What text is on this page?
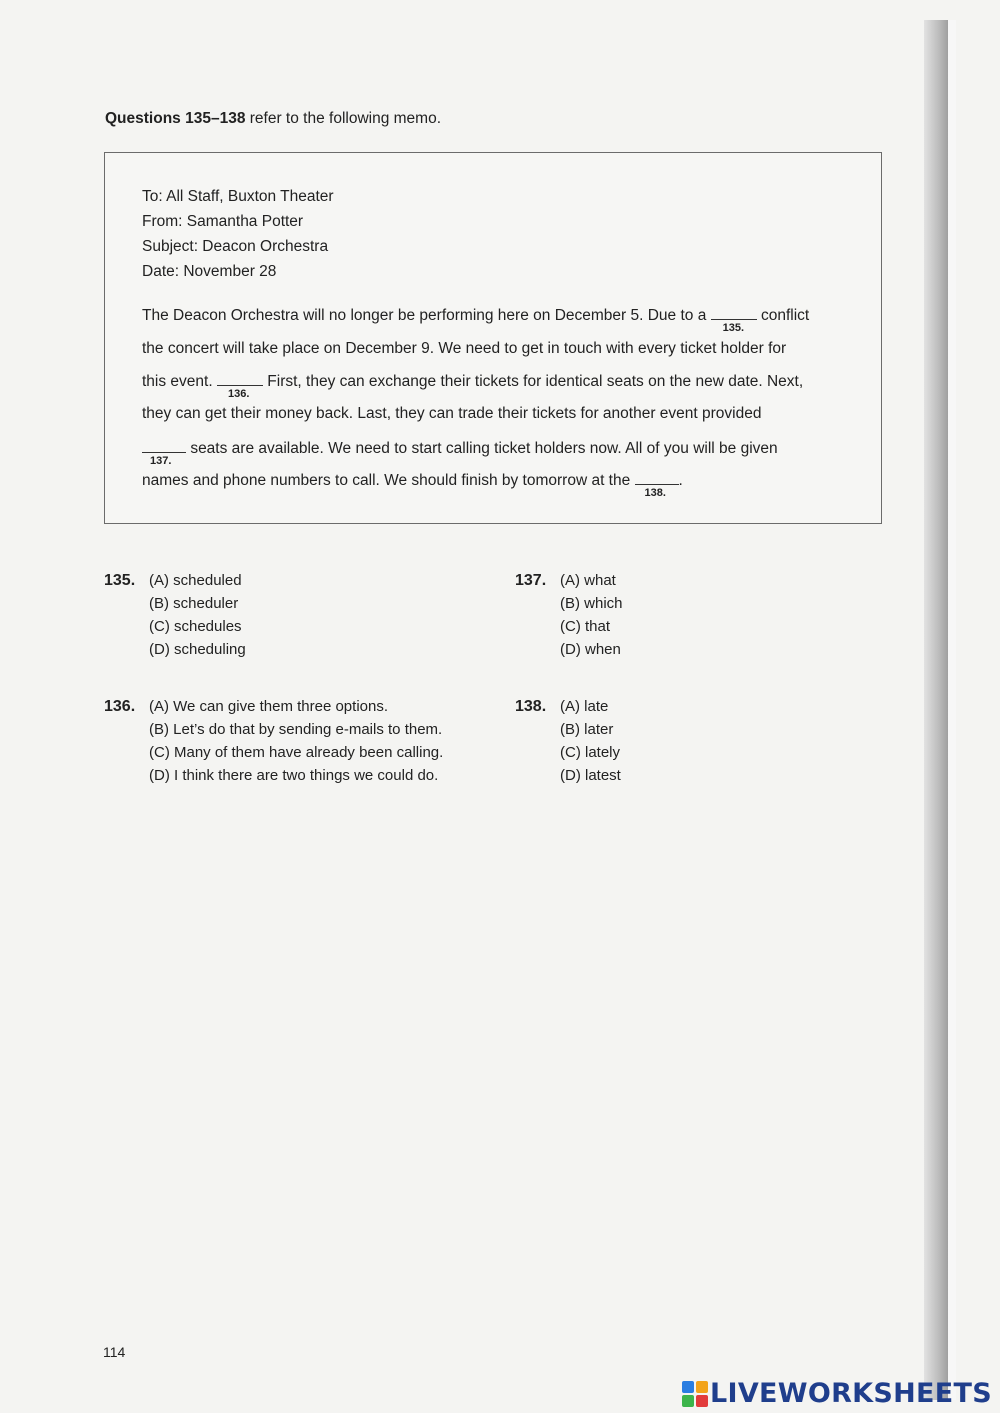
Questions 135–138 refer to the following memo.
To: All Staff, Buxton Theater
From: Samantha Potter
Subject: Deacon Orchestra
Date: November 28
The Deacon Orchestra will no longer be performing here on December 5. Due to a
135.
conflict
the concert will take place on December 9. We need to get in touch with every ticket holder for
this event.
136.
First, they can exchange their tickets for identical seats on the new date. Next,
they can get their money back. Last, they can trade their tickets for another event provided
137.
seats are available. We need to start calling ticket holders now. All of you will be given
names and phone numbers to call. We should finish by tomorrow at the
138.
.
135. (A) scheduled
(B) scheduler
(C) schedules
(D) scheduling
136. (A) We can give them three options.
(B) Let’s do that by sending e-mails to them.
(C) Many of them have already been calling.
(D) I think there are two things we could do.
137. (A) what
(B) which
(C) that
(D) when
138. (A) late
(B) later
(C) lately
(D) latest
114
LIVEWORKSHEETS
